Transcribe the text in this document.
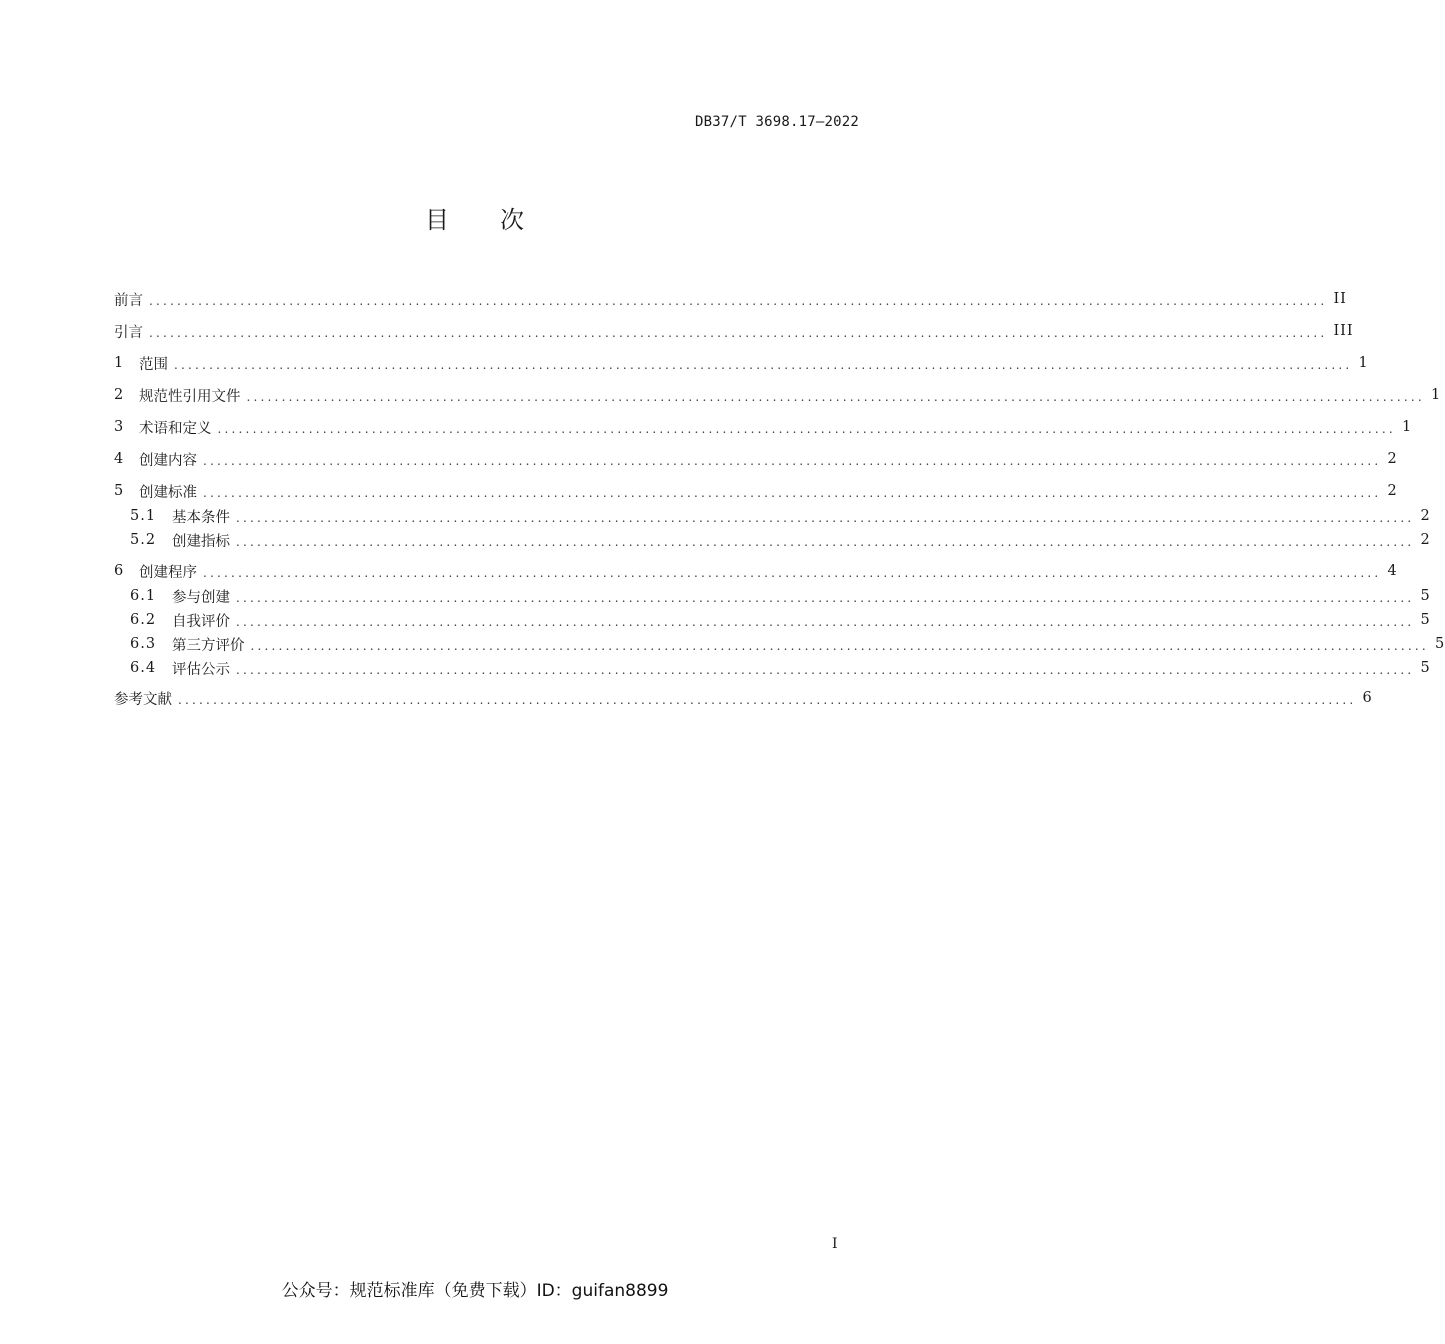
DB37/T 3698.17—2022
目 次
前言 ........................................................................................................................................................................ II
引言 ........................................................................................................................................................................ III
1	范围 ........................................................................................................................................................................ 1
2	规范性引用文件 ........................................................................................................................................................................ 1
3	术语和定义 ........................................................................................................................................................................ 1
4	创建内容 ........................................................................................................................................................................ 2
5	创建标准 ........................................................................................................................................................................ 2
5.1	基本条件 ........................................................................................................................................................................ 2
5.2	创建指标 ........................................................................................................................................................................ 2
6	创建程序 ........................................................................................................................................................................ 4
6.1	参与创建 ........................................................................................................................................................................ 5
6.2	自我评价 ........................................................................................................................................................................ 5
6.3	第三方评价 ........................................................................................................................................................................ 5
6.4	评估公示 ........................................................................................................................................................................ 5
参考文献 ........................................................................................................................................................................ 6
I
公众号：规范标准库（免费下载）ID：guifan8899
